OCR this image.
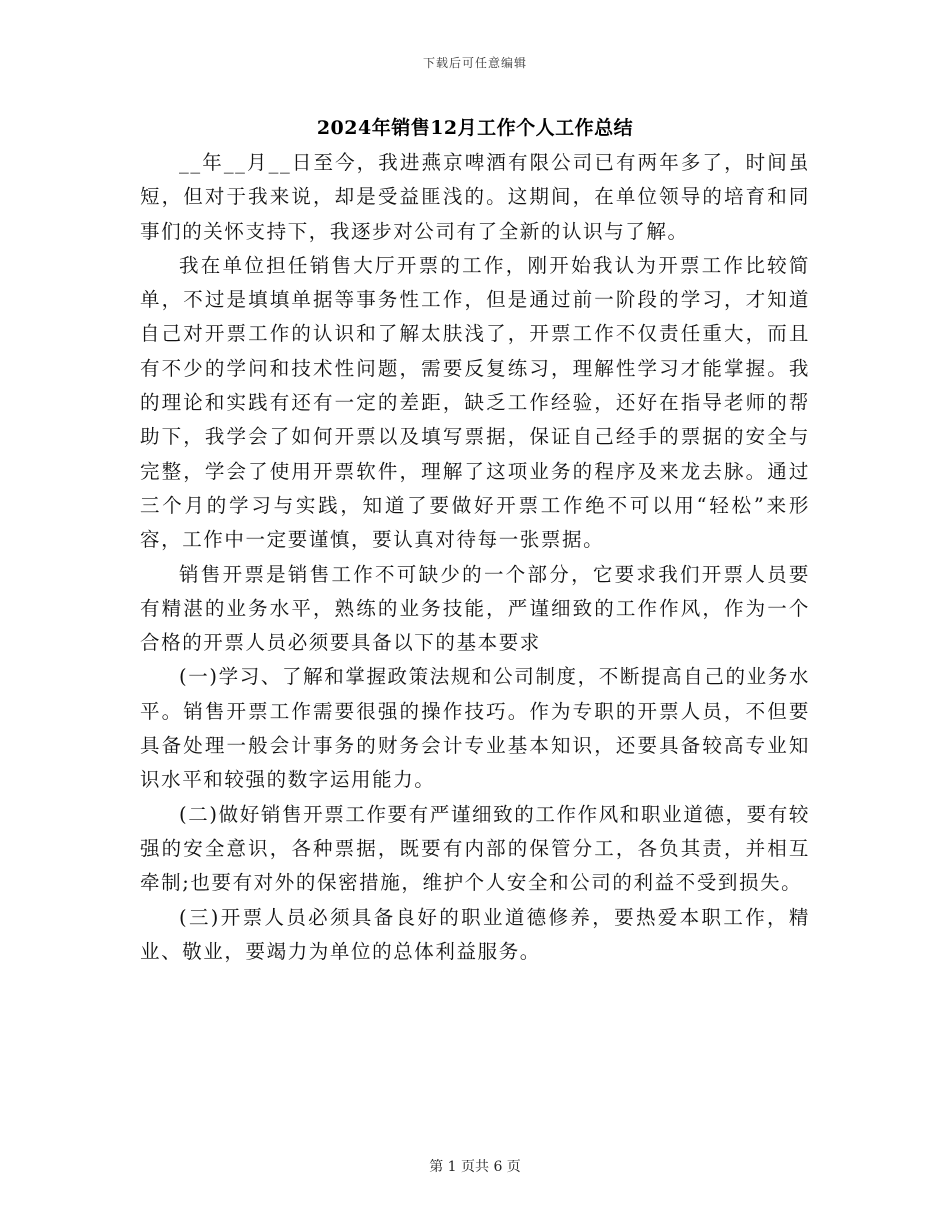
下载后可任意编辑
2024年销售12月工作个人工作总结

__年__月__日至今，我进燕京啤酒有限公司已有两年多了，时间虽短，但对于我来说，却是受益匪浅的。这期间，在单位领导的培育和同事们的关怀支持下，我逐步对公司有了全新的认识与了解。

我在单位担任销售大厅开票的工作，刚开始我认为开票工作比较简单，不过是填填单据等事务性工作，但是通过前一阶段的学习，才知道自己对开票工作的认识和了解太肤浅了，开票工作不仅责任重大，而且有不少的学问和技术性问题，需要反复练习，理解性学习才能掌握。我的理论和实践有还有一定的差距，缺乏工作经验，还好在指导老师的帮助下，我学会了如何开票以及填写票据，保证自己经手的票据的安全与完整，学会了使用开票软件，理解了这项业务的程序及来龙去脉。通过三个月的学习与实践，知道了要做好开票工作绝不可以用“轻松”来形容，工作中一定要谨慎，要认真对待每一张票据。

销售开票是销售工作不可缺少的一个部分，它要求我们开票人员要有精湛的业务水平，熟练的业务技能，严谨细致的工作作风，作为一个合格的开票人员必须要具备以下的基本要求

(一)学习、了解和掌握政策法规和公司制度，不断提高自己的业务水平。销售开票工作需要很强的操作技巧。作为专职的开票人员，不但要具备处理一般会计事务的财务会计专业基本知识，还要具备较高专业知识水平和较强的数字运用能力。

(二)做好销售开票工作要有严谨细致的工作作风和职业道德，要有较强的安全意识，各种票据，既要有内部的保管分工，各负其责，并相互牵制;也要有对外的保密措施，维护个人安全和公司的利益不受到损失。

(三)开票人员必须具备良好的职业道德修养，要热爱本职工作，精业、敬业，要竭力为单位的总体利益服务。

第 1 页共 6 页
